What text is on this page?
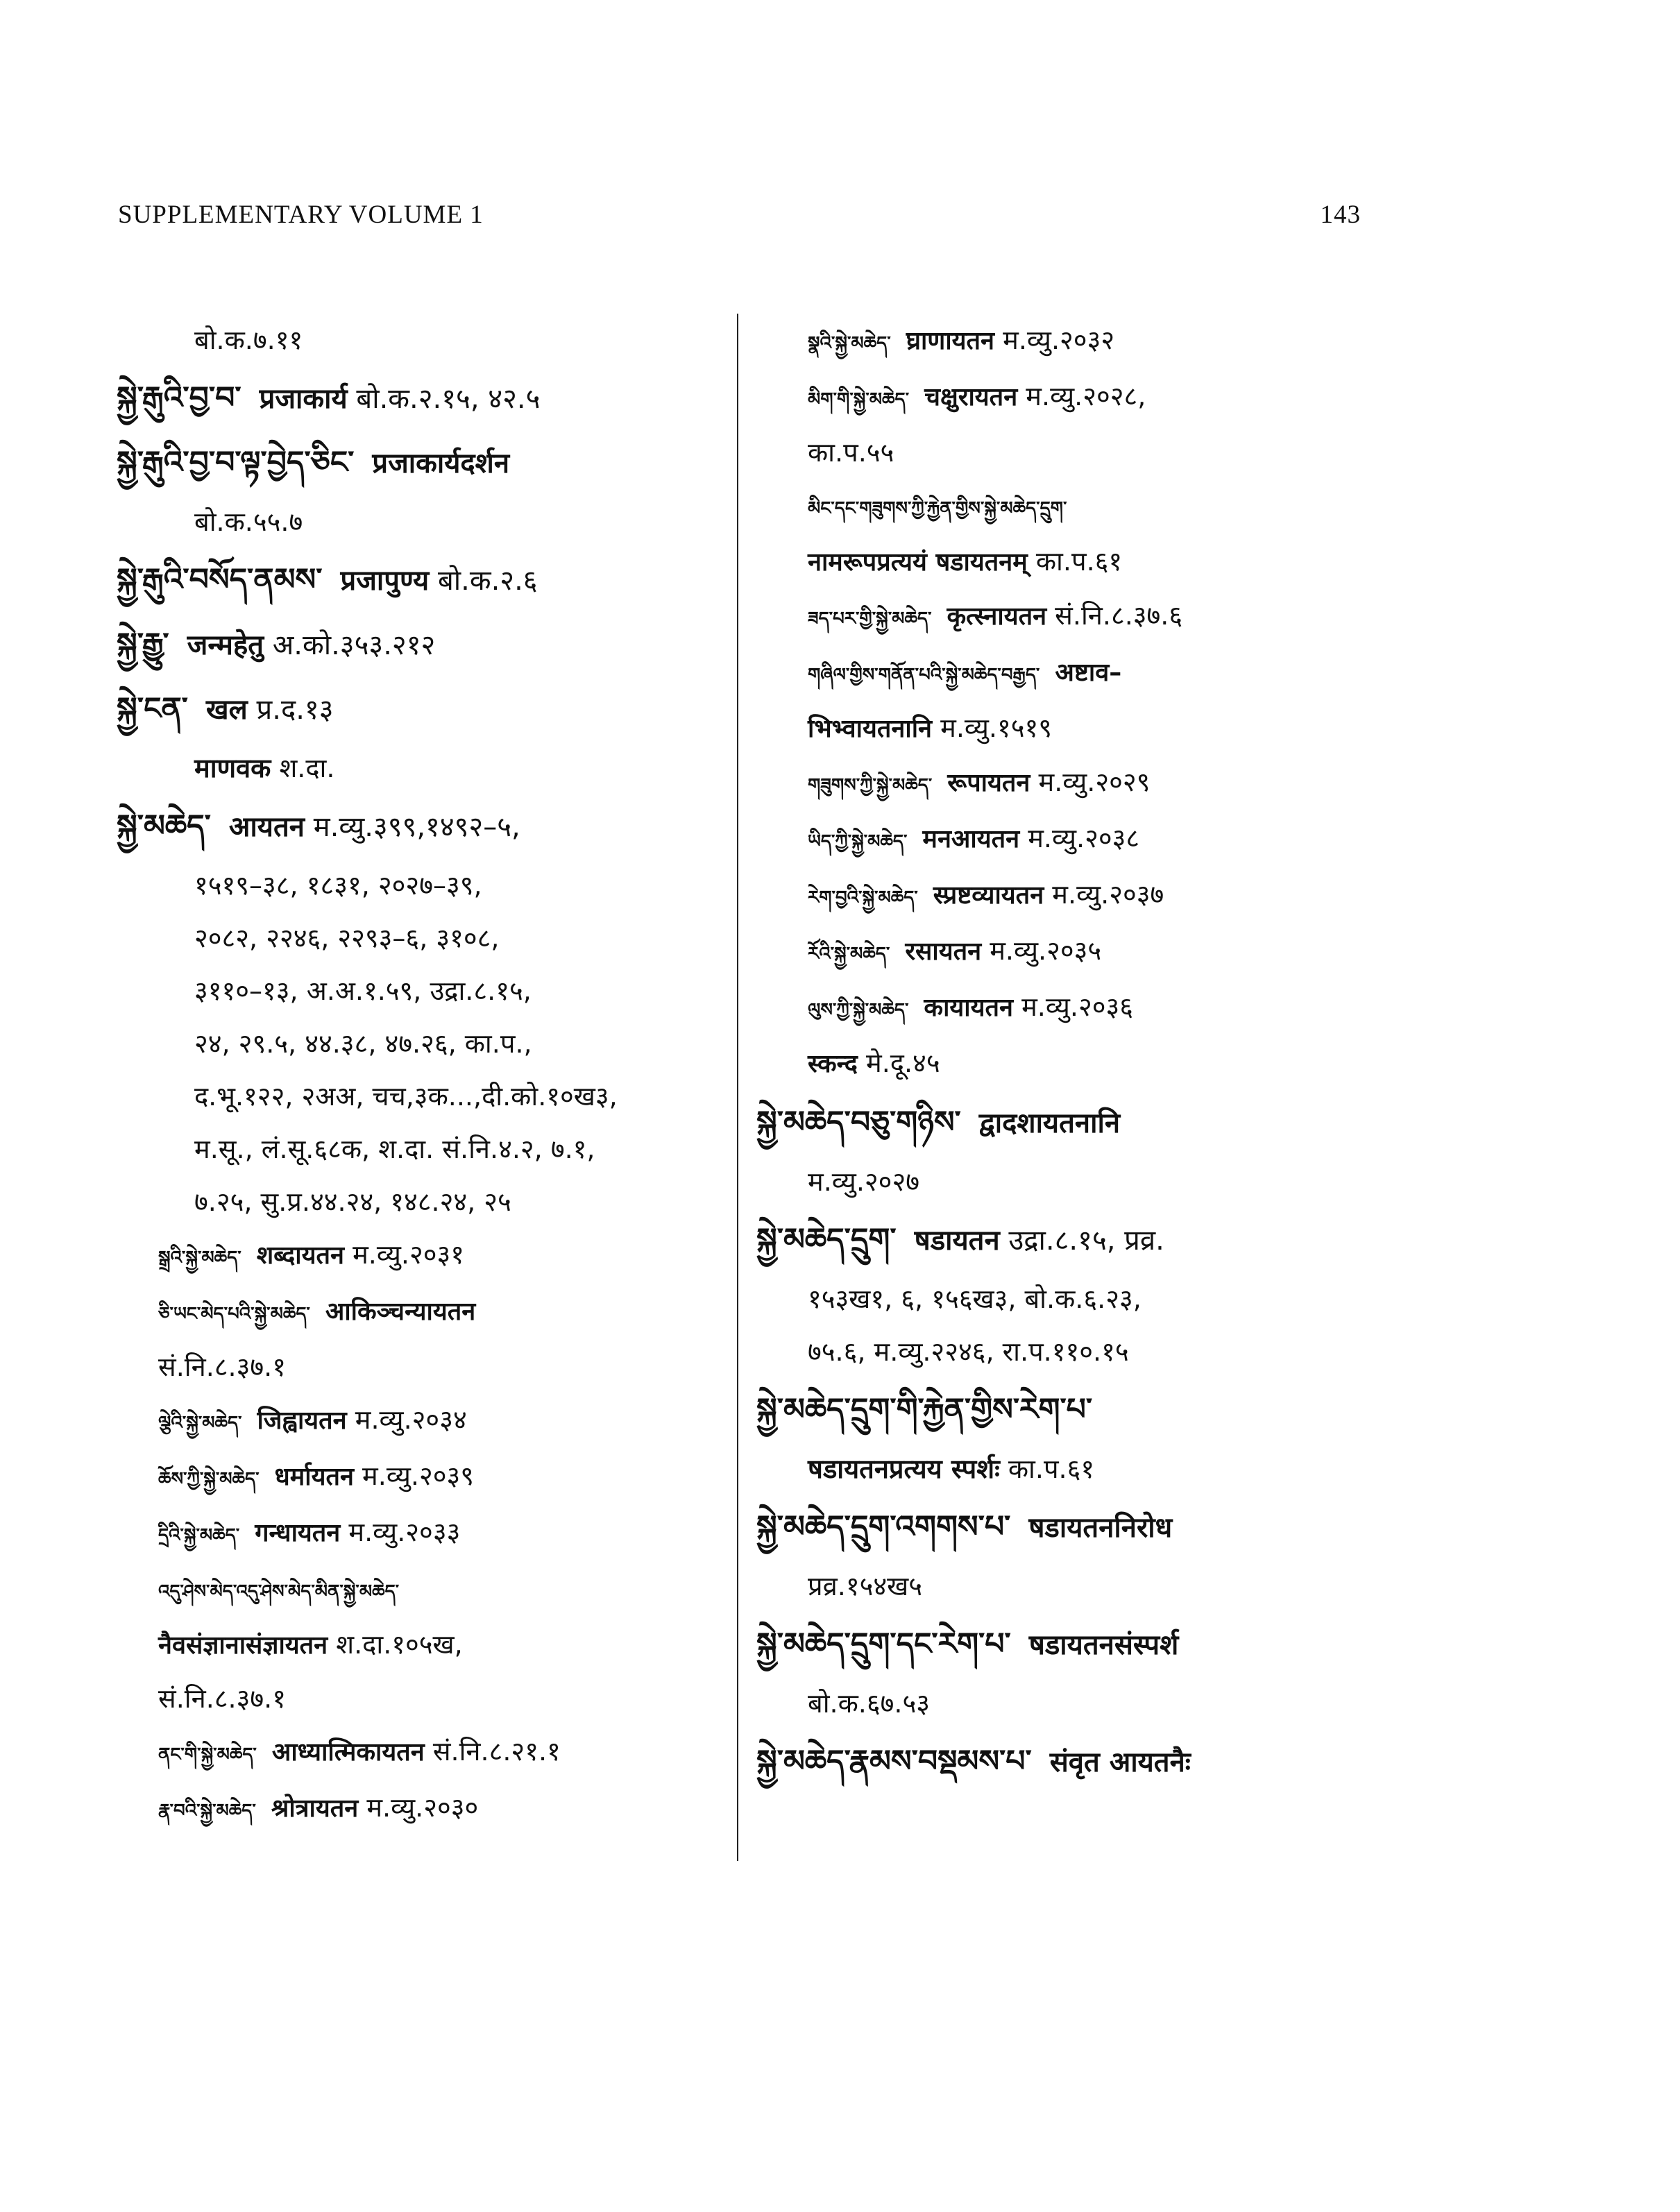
SUPPLEMENTARY VOLUME 1	143
बो.क.७.११
སྐྱེ་རྒུའི་བྱ་བ་ प्रजाकार्य बो.क.२.१५, ४२.५
སྐྱེ་རྒུའི་བྱ་བ་ལྟ་བྱེད་ཅིང་ प्रजाकार्यदर्शन
बो.क.५५.७
སྐྱེ་རྒུའི་བསོད་ནམས་ प्रजापुण्य बो.क.२.६
སྐྱེ་རྒྱུ་ जन्महेतु अ.को.३५३.२१२
སྐྱེ་ངན་ खल प्र.द.१३
माणवक श.दा.
སྐྱེ་མཆེད་ आयतन म.व्यु.३९९,१४९२–५,
१५१९–३८, १८३१, २०२७–३९,
२०८२, २२४६, २२९३–६, ३१०८,
३११०–१३, अ.अ.१.५९, उद्रा.८.१५,
२४, २९.५, ४४.३८, ४७.२६, का.प.,
द.भू.१२२, २अअ, चच,३क...,दी.को.१०ख३,
म.सू., लं.सू.६८क, श.दा. सं.नि.४.२, ७.१,
७.२५, सु.प्र.४४.२४, १४८.२४, २५
སྒྲའི་སྐྱེ་མཆེད་ शब्दायतन म.व्यु.२०३१
ཅི་ཡང་མེད་པའི་སྐྱེ་མཆེད་ आकिञ्चन्यायतन
सं.नि.८.३७.१
ལྕེའི་སྐྱེ་མཆེད་ जिह्वायतन म.व्यु.२०३४
ཆོས་ཀྱི་སྐྱེ་མཆེད་ धर्मायतन म.व्यु.२०३९
དྲིའི་སྐྱེ་མཆེད་ गन्धायतन म.व्यु.२०३३
འདུ་ཤེས་མེད་འདུ་ཤེས་མེད་མིན་སྐྱེ་མཆེད་
नैवसंज्ञानासंज्ञायतन श.दा.१०५ख,
सं.नि.८.३७.१
ནང་གི་སྐྱེ་མཆེད་ आध्यात्मिकायतन सं.नि.८.२१.१
རྣ་བའི་སྐྱེ་མཆེད་ श्रोत्रायतन म.व्यु.२०३०
སྣའི་སྐྱེ་མཆེད་ घ्राणायतन म.व्यु.२०३२
མིག་གི་སྐྱེ་མཆེད་ चक्षुरायतन म.व्यु.२०२८,
का.प.५५
མིང་དང་གཟུགས་ཀྱི་རྐྱེན་གྱིས་སྐྱེ་མཆེད་དྲུག་
नामरूपप्रत्ययं षडायतनम् का.प.६१
ཟད་པར་གྱི་སྐྱེ་མཆེད་ कृत्स्नायतन सं.नि.८.३७.६
གཞིལ་གྱིས་གནོན་པའི་སྐྱེ་མཆེད་བརྒྱད་ अष्टाव–
भिभ्वायतनानि म.व्यु.१५१९
གཟུགས་ཀྱི་སྐྱེ་མཆེད་ रूपायतन म.व्यु.२०२९
ཡིད་ཀྱི་སྐྱེ་མཆེད་ मनआयतन म.व्यु.२०३८
རེག་བྱའི་སྐྱེ་མཆེད་ स्प्रष्टव्यायतन म.व्यु.२०३७
རོའི་སྐྱེ་མཆེད་ रसायतन म.व्यु.२०३५
ལུས་ཀྱི་སྐྱེ་མཆེད་ कायायतन म.व्यु.२०३६
स्कन्द मे.दू.४५
སྐྱེ་མཆེད་བཅུ་གཉིས་ द्वादशायतनानि
म.व्यु.२०२७
སྐྱེ་མཆེད་དྲུག་ षडायतन उद्रा.८.१५, प्रव्र.
१५३ख१, ६, १५६ख३, बो.क.६.२३,
७५.६, म.व्यु.२२४६, रा.प.११०.१५
སྐྱེ་མཆེད་དྲུག་གི་རྐྱེན་གྱིས་རེག་པ་
षडायतनप्रत्यय स्पर्शः का.प.६१
སྐྱེ་མཆེད་དྲུག་འགགས་པ་ षडायतननिरोध
प्रव्र.१५४ख५
སྐྱེ་མཆེད་དྲུག་དང་རེག་པ་ षडायतनसंस्पर्श
बो.क.६७.५३
སྐྱེ་མཆེད་རྣམས་བསྡམས་པ་ संवृत आयतनैः
